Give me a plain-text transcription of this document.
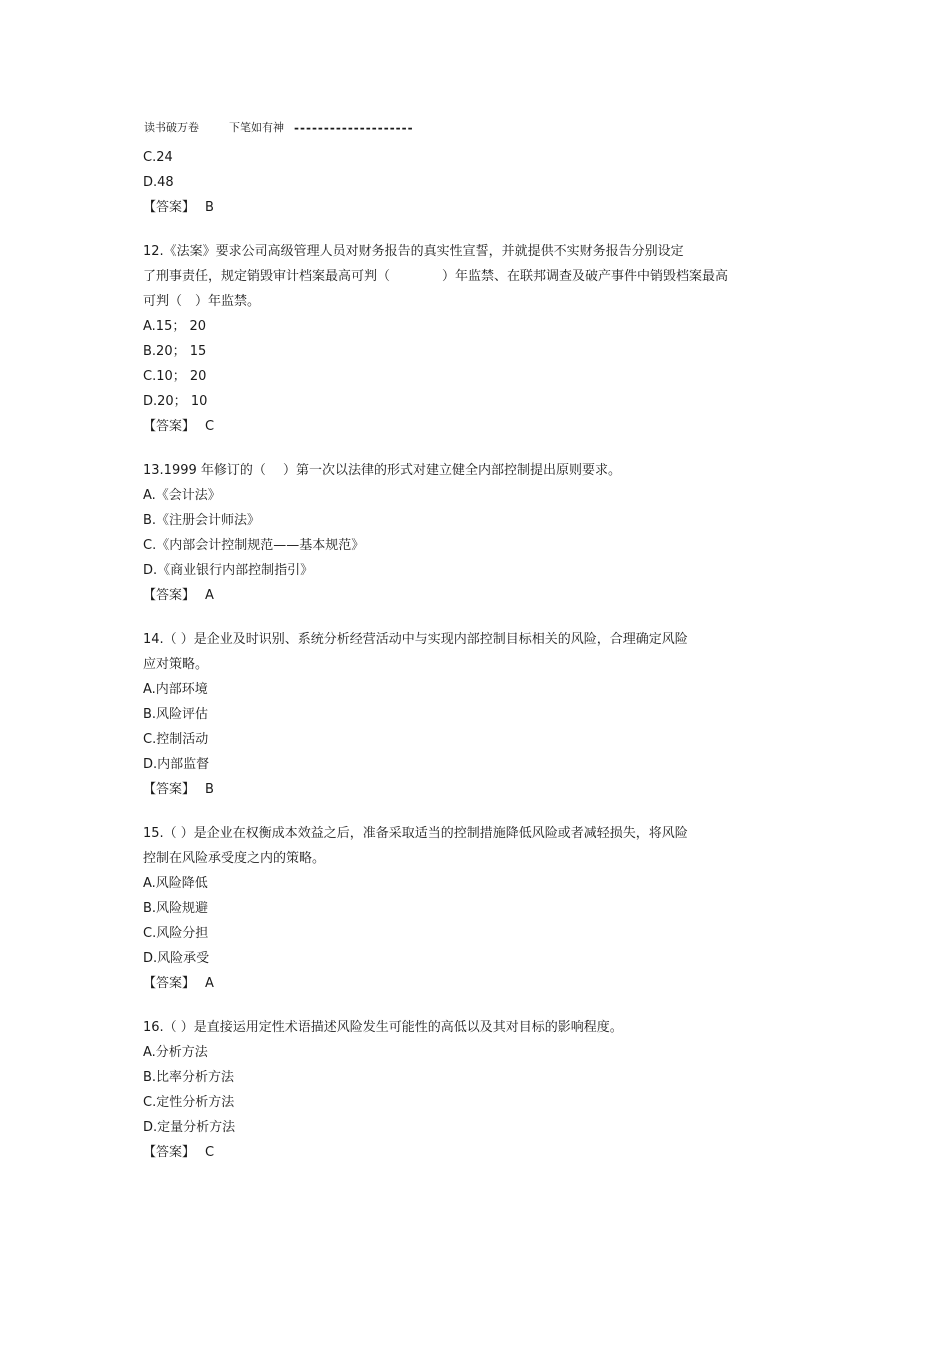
读书破万卷	下笔如有神 --------------------
C.24
D.48
【答案】 B
12.《法案》要求公司高级管理人员对财务报告的真实性宣誓，并就提供不实财务报告分别设定
了刑事责任，规定销毁审计档案最高可判（　　　　）年监禁、在联邦调查及破产事件中销毁档案最高
可判（　）年监禁。
A.15； 20
B.20； 15
C.10； 20
D.20； 10
【答案】 C
13.1999 年修订的（　 ）第一次以法律的形式对建立健全内部控制提出原则要求。
A.《会计法》
B.《注册会计师法》
C.《内部会计控制规范——基本规范》
D.《商业银行内部控制指引》
【答案】 A
14.（ ）是企业及时识别、系统分析经营活动中与实现内部控制目标相关的风险，合理确定风险
应对策略。
A.内部环境
B.风险评估
C.控制活动
D.内部监督
【答案】 B
15.（ ）是企业在权衡成本效益之后，准备采取适当的控制措施降低风险或者减轻损失，将风险
控制在风险承受度之内的策略。
A.风险降低
B.风险规避
C.风险分担
D.风险承受
【答案】 A
16.（ ）是直接运用定性术语描述风险发生可能性的高低以及其对目标的影响程度。
A.分析方法
B.比率分析方法
C.定性分析方法
D.定量分析方法
【答案】 C
